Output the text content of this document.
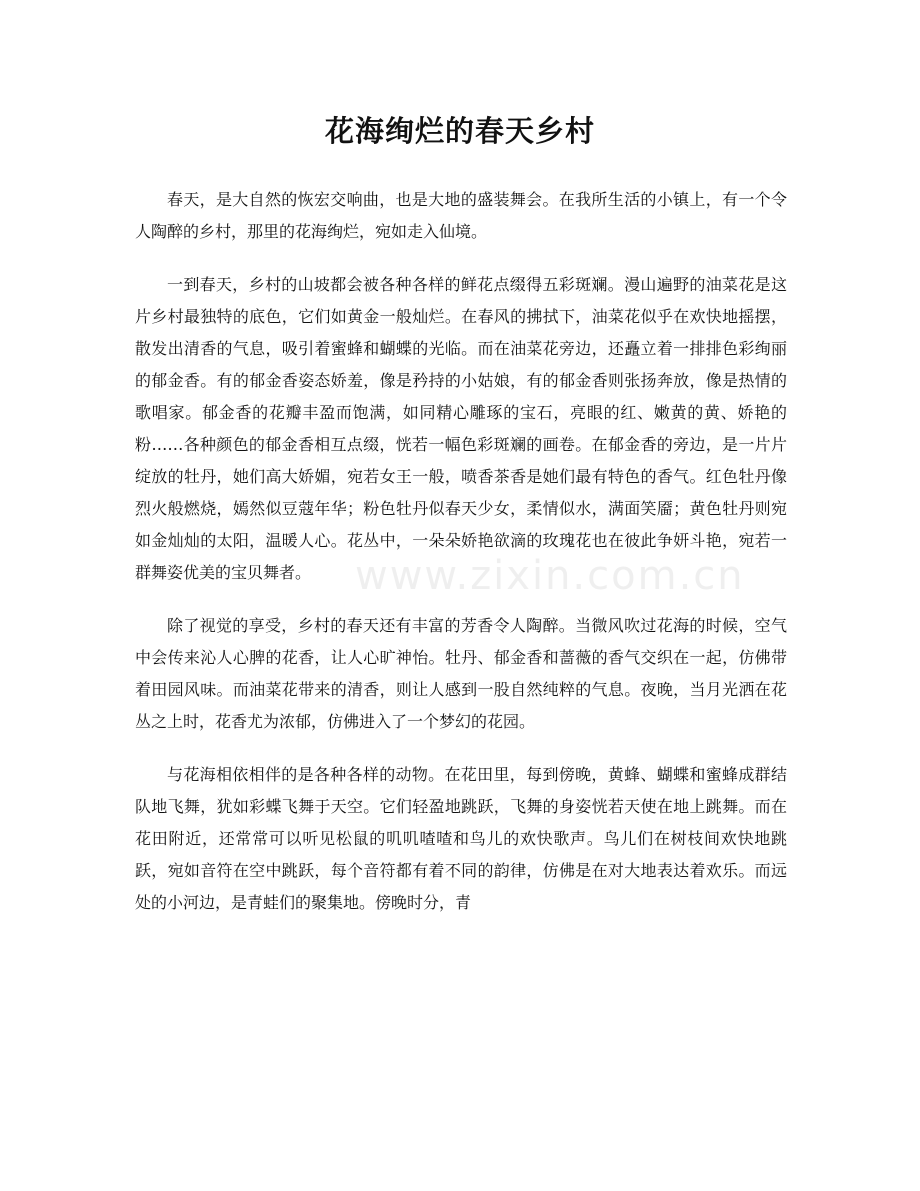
花海绚烂的春天乡村
www.zixin.com.cn

春天，是大自然的恢宏交响曲，也是大地的盛装舞会。在我所生活的小镇上，有一个令人陶醉的乡村，那里的花海绚烂，宛如走入仙境。

一到春天，乡村的山坡都会被各种各样的鲜花点缀得五彩斑斓。漫山遍野的油菜花是这片乡村最独特的底色，它们如黄金一般灿烂。在春风的拂拭下，油菜花似乎在欢快地摇摆，散发出清香的气息，吸引着蜜蜂和蝴蝶的光临。而在油菜花旁边，还矗立着一排排色彩绚丽的郁金香。有的郁金香姿态娇羞，像是矜持的小姑娘，有的郁金香则张扬奔放，像是热情的歌唱家。郁金香的花瓣丰盈而饱满，如同精心雕琢的宝石，亮眼的红、嫩黄的黄、娇艳的粉……各种颜色的郁金香相互点缀，恍若一幅色彩斑斓的画卷。在郁金香的旁边，是一片片绽放的牡丹，她们高大娇媚，宛若女王一般，喷香茶香是她们最有特色的香气。红色牡丹像烈火般燃烧，嫣然似豆蔻年华；粉色牡丹似春天少女，柔情似水，满面笑靥；黄色牡丹则宛如金灿灿的太阳，温暖人心。花丛中，一朵朵娇艳欲滴的玫瑰花也在彼此争妍斗艳，宛若一群舞姿优美的宝贝舞者。

除了视觉的享受，乡村的春天还有丰富的芳香令人陶醉。当微风吹过花海的时候，空气中会传来沁人心脾的花香，让人心旷神怡。牡丹、郁金香和蔷薇的香气交织在一起，仿佛带着田园风味。而油菜花带来的清香，则让人感到一股自然纯粹的气息。夜晚，当月光洒在花丛之上时，花香尤为浓郁，仿佛进入了一个梦幻的花园。

与花海相依相伴的是各种各样的动物。在花田里，每到傍晚，黄蜂、蝴蝶和蜜蜂成群结队地飞舞，犹如彩蝶飞舞于天空。它们轻盈地跳跃，飞舞的身姿恍若天使在地上跳舞。而在花田附近，还常常可以听见松鼠的叽叽喳喳和鸟儿的欢快歌声。鸟儿们在树枝间欢快地跳跃，宛如音符在空中跳跃，每个音符都有着不同的韵律，仿佛是在对大地表达着欢乐。而远处的小河边，是青蛙们的聚集地。傍晚时分，青
